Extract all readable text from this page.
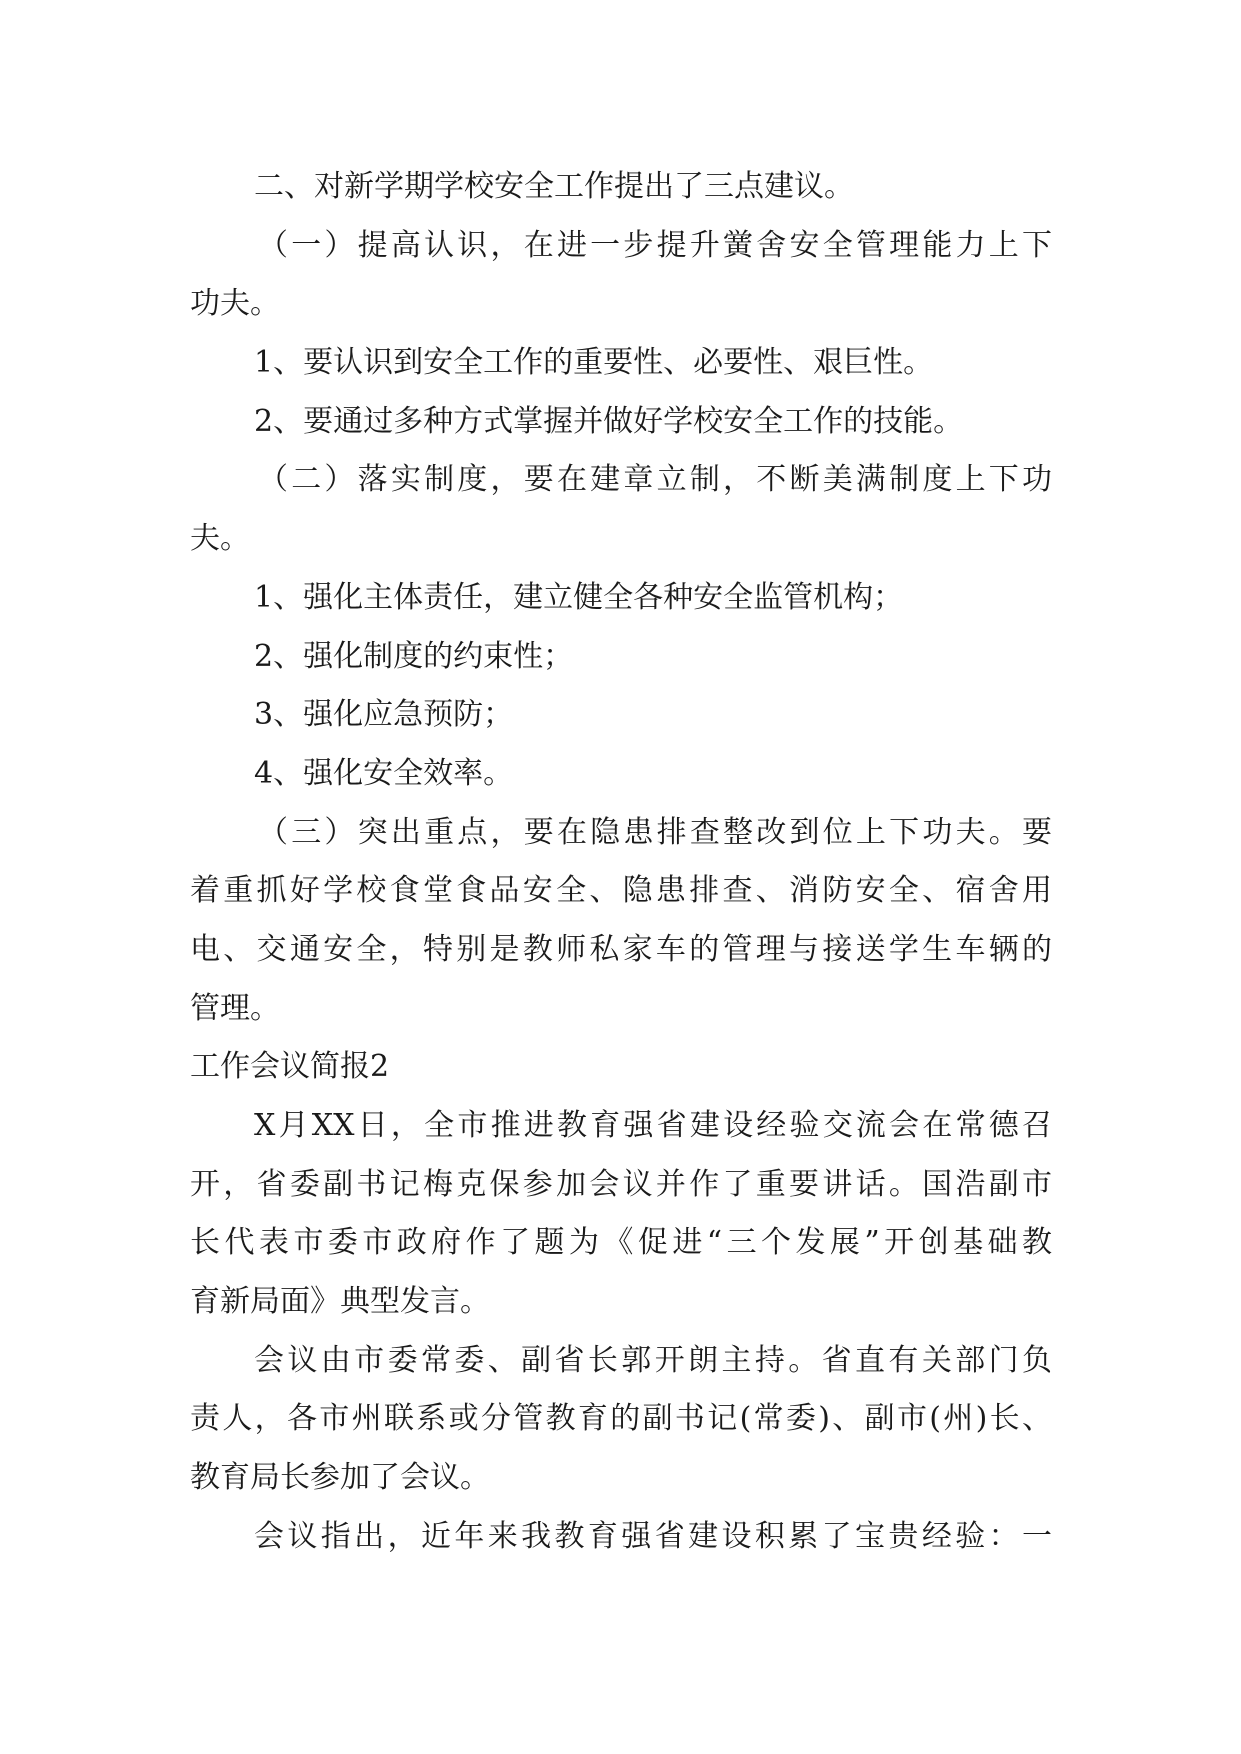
二、对新学期学校安全工作提出了三点建议。
（一）提高认识，在进一步提升黉舍安全管理能力上下
功夫。
1、要认识到安全工作的重要性、必要性、艰巨性。
2、要通过多种方式掌握并做好学校安全工作的技能。
（二）落实制度，要在建章立制，不断美满制度上下功
夫。
1、强化主体责任，建立健全各种安全监管机构；
2、强化制度的约束性；
3、强化应急预防；
4、强化安全效率。
（三）突出重点，要在隐患排查整改到位上下功夫。要
着重抓好学校食堂食品安全、隐患排查、消防安全、宿舍用
电、交通安全，特别是教师私家车的管理与接送学生车辆的
管理。
工作会议简报2
X月XX日，全市推进教育强省建设经验交流会在常德召
开，省委副书记梅克保参加会议并作了重要讲话。国浩副市
长代表市委市政府作了题为《促进“三个发展”开创基础教
育新局面》典型发言。
会议由市委常委、副省长郭开朗主持。省直有关部门负
责人，各市州联系或分管教育的副书记(常委)、副市(州)长、
教育局长参加了会议。
会议指出，近年来我教育强省建设积累了宝贵经验：一
